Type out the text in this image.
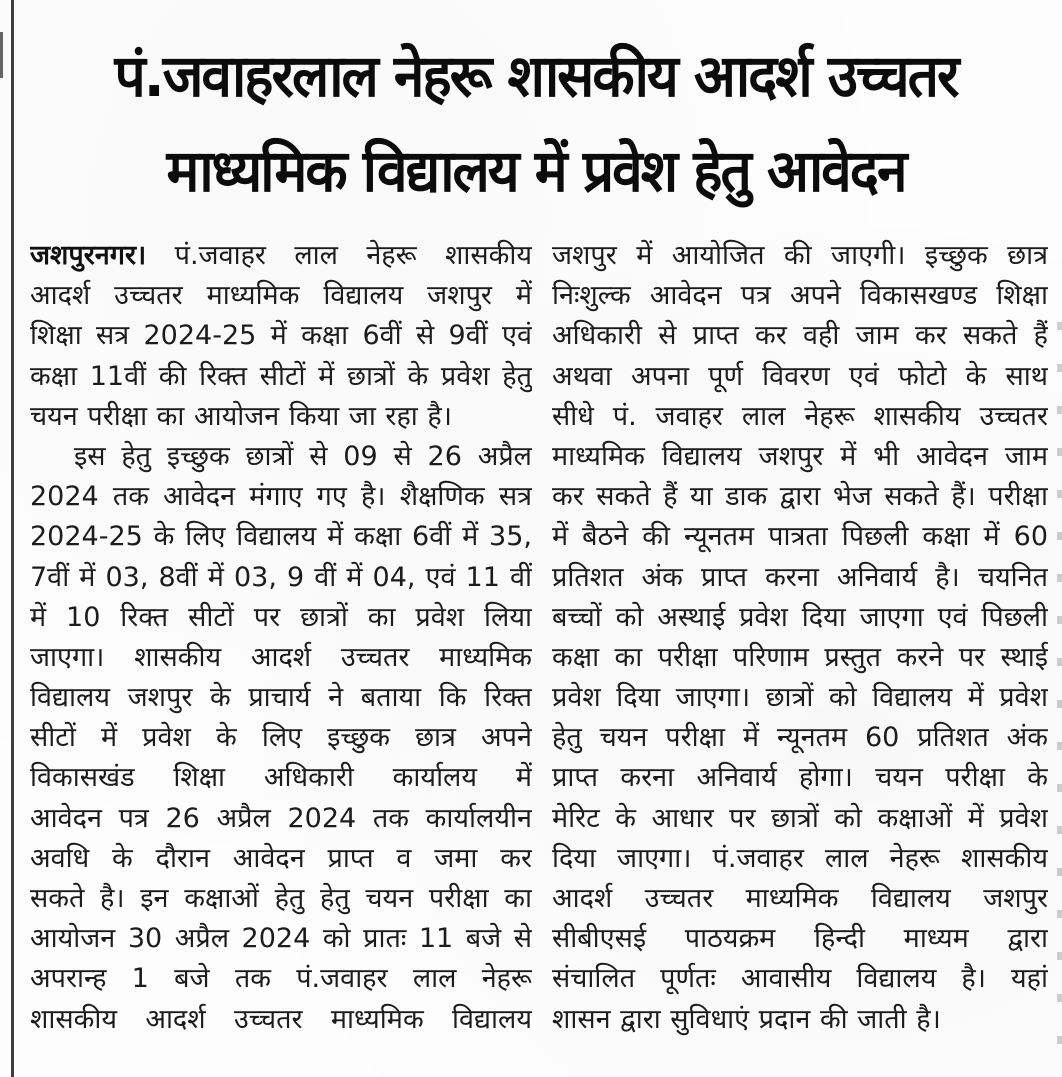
पं.जवाहरलाल नेहरू शासकीय आदर्श उच्चतर
माध्यमिक विद्यालय में प्रवेश हेतु आवेदन
जशपुरनगर। पं.जवाहर लाल नेहरू शासकीय
आदर्श उच्चतर माध्यमिक विद्यालय जशपुर में
शिक्षा सत्र 2024-25 में कक्षा 6वीं से 9वीं एवं
कक्षा 11वीं की रिक्त सीटों में छात्रों के प्रवेश हेतु
चयन परीक्षा का आयोजन किया जा रहा है।
इस हेतु इच्छुक छात्रों से 09 से 26 अप्रैल
2024 तक आवेदन मंगाए गए है। शैक्षणिक सत्र
2024-25 के लिए विद्यालय में कक्षा 6वीं में 35,
7वीं में 03, 8वीं में 03, 9 वीं में 04, एवं 11 वीं
में 10 रिक्त सीटों पर छात्रों का प्रवेश लिया
जाएगा। शासकीय आदर्श उच्चतर माध्यमिक
विद्यालय जशपुर के प्राचार्य ने बताया कि रिक्त
सीटों में प्रवेश के लिए इच्छुक छात्र अपने
विकासखंड शिक्षा अधिकारी कार्यालय में
आवेदन पत्र 26 अप्रैल 2024 तक कार्यालयीन
अवधि के दौरान आवेदन प्राप्त व जमा कर
सकते है। इन कक्षाओं हेतु हेतु चयन परीक्षा का
आयोजन 30 अप्रैल 2024 को प्रातः 11 बजे से
अपरान्ह 1 बजे तक पं.जवाहर लाल नेहरू
शासकीय आदर्श उच्चतर माध्यमिक विद्यालय
जशपुर में आयोजित की जाएगी। इच्छुक छात्र
निःशुल्क आवेदन पत्र अपने विकासखण्ड शिक्षा
अधिकारी से प्राप्त कर वही जाम कर सकते हैं
अथवा अपना पूर्ण विवरण एवं फोटो के साथ
सीधे पं. जवाहर लाल नेहरू शासकीय उच्चतर
माध्यमिक विद्यालय जशपुर में भी आवेदन जाम
कर सकते हैं या डाक द्वारा भेज सकते हैं। परीक्षा
में बैठने की न्यूनतम पात्रता पिछली कक्षा में 60
प्रतिशत अंक प्राप्त करना अनिवार्य है। चयनित
बच्चों को अस्थाई प्रवेश दिया जाएगा एवं पिछली
कक्षा का परीक्षा परिणाम प्रस्तुत करने पर स्थाई
प्रवेश दिया जाएगा। छात्रों को विद्यालय में प्रवेश
हेतु चयन परीक्षा में न्यूनतम 60 प्रतिशत अंक
प्राप्त करना अनिवार्य होगा। चयन परीक्षा के
मेरिट के आधार पर छात्रों को कक्षाओं में प्रवेश
दिया जाएगा। पं.जवाहर लाल नेहरू शासकीय
आदर्श उच्चतर माध्यमिक विद्यालय जशपुर
सीबीएसई पाठयक्रम हिन्दी माध्यम द्वारा
संचालित पूर्णतः आवासीय विद्यालय है। यहां
शासन द्वारा सुविधाएं प्रदान की जाती है।
